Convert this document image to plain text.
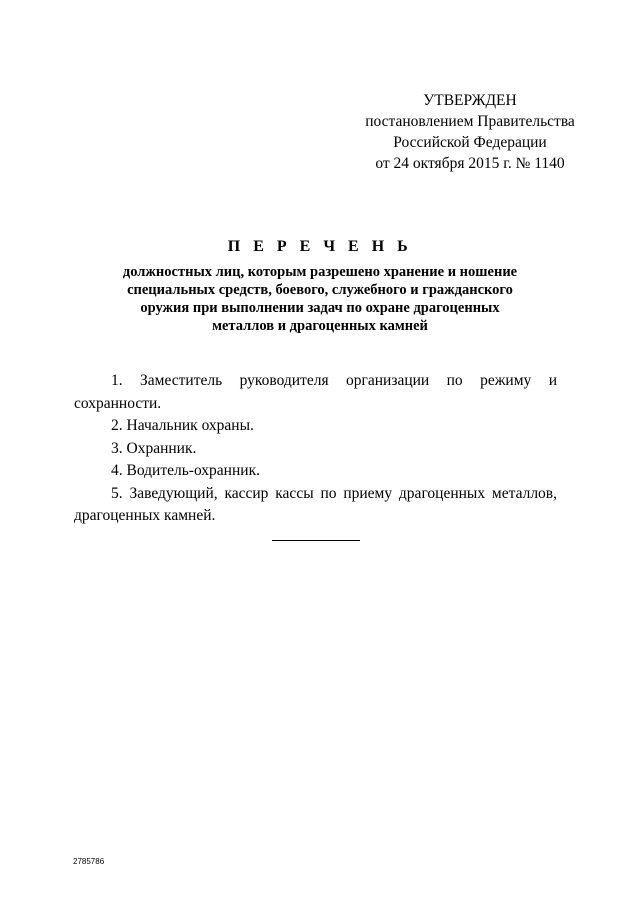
УТВЕРЖДЕН
постановлением Правительства
Российской Федерации
от 24 октября 2015 г. № 1140
П Е Р Е Ч Е Н Ь
должностных лиц, которым разрешено хранение и ношение
специальных средств, боевого, служебного и гражданского
оружия при выполнении задач по охране драгоценных
металлов и драгоценных камней
1. Заместитель руководителя организации по режиму и сохранности.
2. Начальник охраны.
3. Охранник.
4. Водитель-охранник.
5. Заведующий, кассир кассы по приему драгоценных металлов, драгоценных камней.
2785786
